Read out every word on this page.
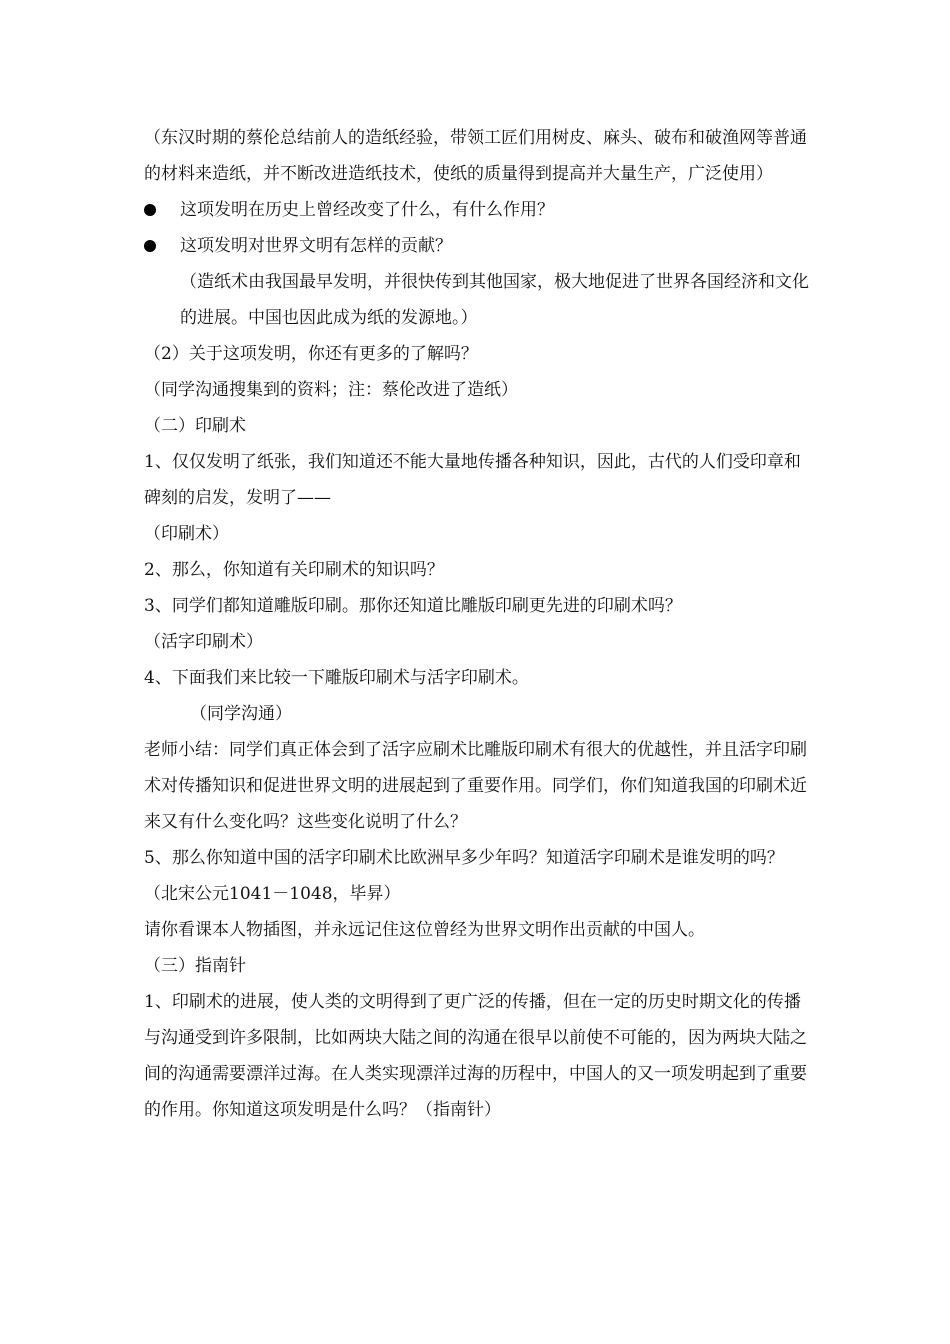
（东汉时期的蔡伦总结前人的造纸经验，带领工匠们用树皮、麻头、破布和破渔网等普通的材料来造纸，并不断改进造纸技术，使纸的质量得到提高并大量生产，广泛使用）

这项发明在历史上曾经改变了什么，有什么作用？

这项发明对世界文明有怎样的贡献？

（造纸术由我国最早发明，并很快传到其他国家，极大地促进了世界各国经济和文化的进展。中国也因此成为纸的发源地。）

（2）关于这项发明，你还有更多的了解吗？

（同学沟通搜集到的资料；注：蔡伦改进了造纸）

（二）印刷术

1、仅仅发明了纸张，我们知道还不能大量地传播各种知识，因此，古代的人们受印章和碑刻的启发，发明了——

（印刷术）

2、那么，你知道有关印刷术的知识吗？

3、同学们都知道雕版印刷。那你还知道比雕版印刷更先进的印刷术吗？

（活字印刷术）

4、下面我们来比较一下雕版印刷术与活字印刷术。

（同学沟通）

老师小结：同学们真正体会到了活字应刷术比雕版印刷术有很大的优越性，并且活字印刷术对传播知识和促进世界文明的进展起到了重要作用。同学们，你们知道我国的印刷术近来又有什么变化吗？这些变化说明了什么？

5、那么你知道中国的活字印刷术比欧洲早多少年吗？知道活字印刷术是谁发明的吗？

（北宋公元1041－1048，毕昇）

请你看课本人物插图，并永远记住这位曾经为世界文明作出贡献的中国人。

（三）指南针

1、印刷术的进展，使人类的文明得到了更广泛的传播，但在一定的历史时期文化的传播与沟通受到许多限制，比如两块大陆之间的沟通在很早以前使不可能的，因为两块大陆之间的沟通需要漂洋过海。在人类实现漂洋过海的历程中，中国人的又一项发明起到了重要的作用。你知道这项发明是什么吗？（指南针）
